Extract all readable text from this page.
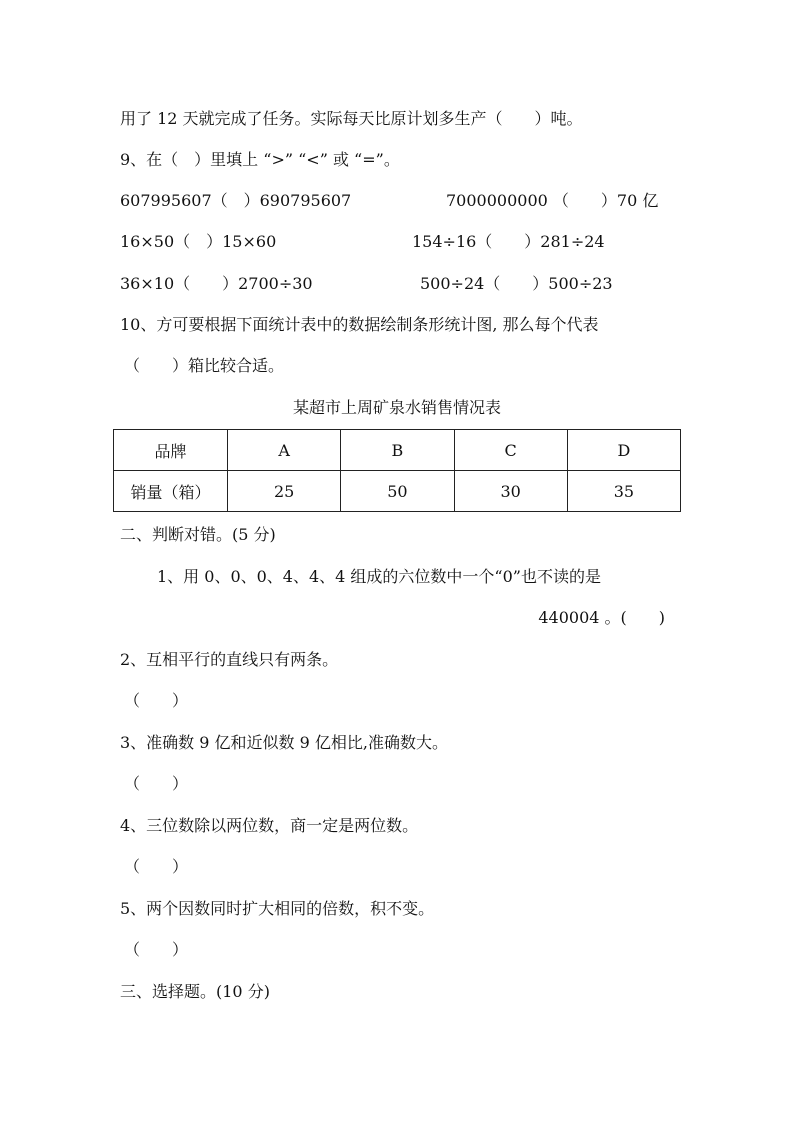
用了 12 天就完成了任务。实际每天比原计划多生产（　　）吨。
9、在（　）里填上 “>” “<” 或 “=”。
607995607（　）690795607	7000000000 （　　）70 亿
16×50（　）15×60	154÷16（　　）281÷24
36×10（　　）2700÷30	500÷24（　　）500÷23
10、方可要根据下面统计表中的数据绘制条形统计图, 那么每个代表
（　　）箱比较合适。
某超市上周矿泉水销售情况表
品牌	A	B	C	D
销量（箱）	25	50	30	35
二、判断对错。(5 分)
1、用 0、0、0、4、4、4 组成的六位数中一个“0”也不读的是
440004 。(　　)
2、互相平行的直线只有两条。
（　　）
3、准确数 9 亿和近似数 9 亿相比,准确数大。
（　　）
4、三位数除以两位数，商一定是两位数。
（　　）
5、两个因数同时扩大相同的倍数，积不变。
（　　）
三、选择题。(10 分)
